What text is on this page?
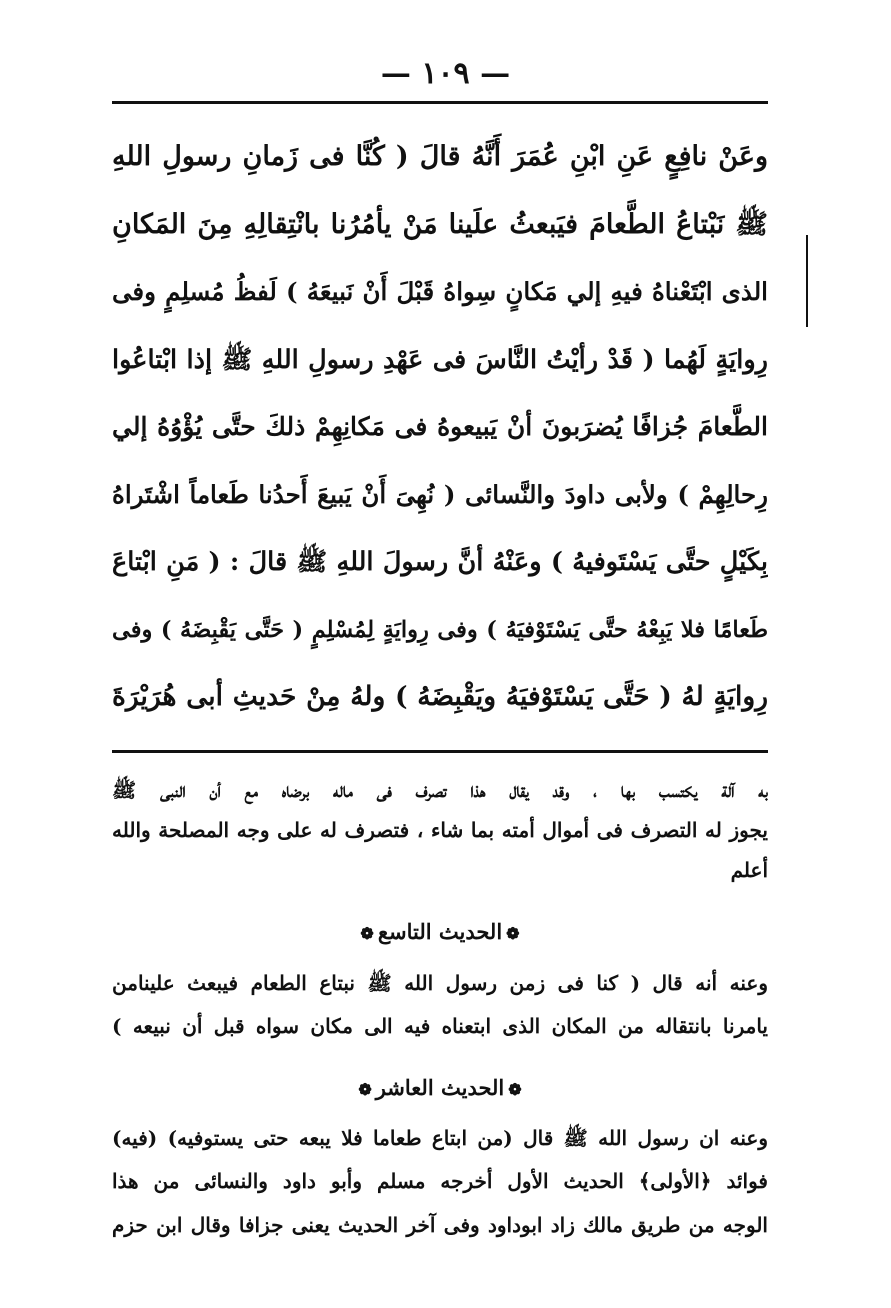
— ١٠٩ —
وعَنْ نافِعٍ عَنِ ابْنِ عُمَرَ أَنَّهُ قالَ ( كُنَّا فى زَمانِ رسولِ اللهِ
ﷺ نَبْتاعُ الطَّعامَ فيَبعثُ علَينا مَنْ يأمُرُنا بانْتِقالِهِ مِنَ المَكانِ
الذى ابْتَعْناهُ فيهِ إلي مَكانٍ سِواهُ قَبْلَ أَنْ نَبيعَهُ ) لَفظُ مُسلِمٍ وفى
رِوايَةٍ لَهُما ( قَدْ رأيْتُ النَّاسَ فى عَهْدِ رسولِ اللهِ ﷺ إذا ابْتاعُوا
الطَّعامَ جُزافًا يُضرَبونَ أنْ يَبيعوهُ فى مَكانِهِمْ ذلكَ حتَّى يُؤْوُهُ إلي
رِحالِهِمْ ) ولأبى داودَ والنَّسائى ( نُهِىَ أَنْ يَبيعَ أَحدُنا طَعاماً اشْتَراهُ
بِكَيْلٍ حتَّى يَسْتَوفيهُ ) وعَنْهُ أنَّ رسولَ اللهِ ﷺ قالَ : ( مَنِ ابْتاعَ
طَعامًا فلا يَبِعْهُ حتَّى يَسْتَوْفيَهُ ) وفى رِوايَةٍ لِمُسْلِمٍ ( حَتَّى يَقْبِضَهُ ) وفى
رِوايَةٍ لهُ ( حَتَّى يَسْتَوْفيَهُ ويَقْبِضَهُ ) ولهُ مِنْ حَديثِ أبى هُرَيْرَةَ
به آلة يكتسب بها ، وقد يقال هذا تصرف فى ماله برضاه مع أن النبى ﷺ
يجوز له التصرف فى أموال أمته بما شاء ، فتصرف له على وجه المصلحة والله
أعلم
❁الحديث التاسع❁
وعنه أنه قال ( كنا فى زمن رسول الله ﷺ نبتاع الطعام فيبعث علينامن
يامرنا بانتقاله من المكان الذى ابتعناه فيه الى مكان سواه قبل أن نبيعه )
❁الحديث العاشر❁
وعنه ان رسول الله ﷺ قال (من ابتاع طعاما فلا يبعه حتى يستوفيه) (فيه)
فوائد ﴿الأولى﴾ الحديث الأول أخرجه مسلم وأبو داود والنسائى من هذا
الوجه من طريق مالك زاد ابوداود وفى آخر الحديث يعنى جزافا وقال ابن حزم
